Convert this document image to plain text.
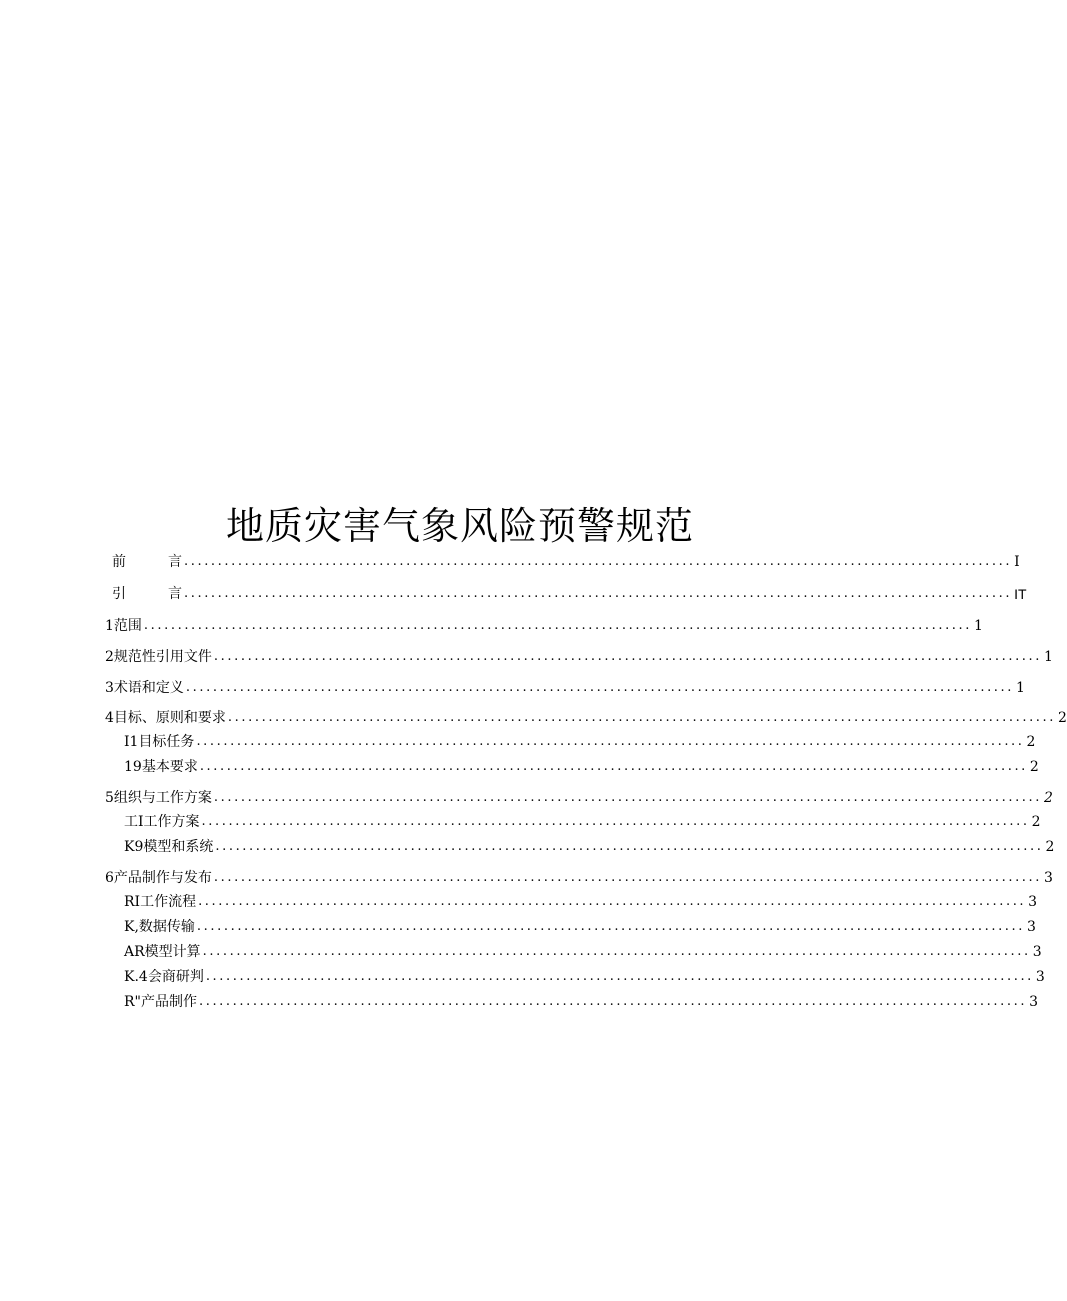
地质灾害气象风险预警规范
前	言 ........................................................................................................................... I
引	言 ........................................................................................................................... IT
1范围 ........................................................................................................................... 1
2规范性引用文件 ........................................................................................................................... 1
3术语和定义 ........................................................................................................................... 1
4目标、原则和要求 ........................................................................................................................... 2
I1目标任务 ........................................................................................................................... 2
19基本要求 ........................................................................................................................... 2
5组织与工作方案 ........................................................................................................................... 2
工I工作方案 ........................................................................................................................... 2
K9模型和系统 ........................................................................................................................... 2
6产品制作与发布 ........................................................................................................................... 3
RI工作流程 ........................................................................................................................... 3
K,数据传输 ........................................................................................................................... 3
AR模型计算 ........................................................................................................................... 3
K.4会商研判 ........................................................................................................................... 3
R"产品制作 ........................................................................................................................... 3
